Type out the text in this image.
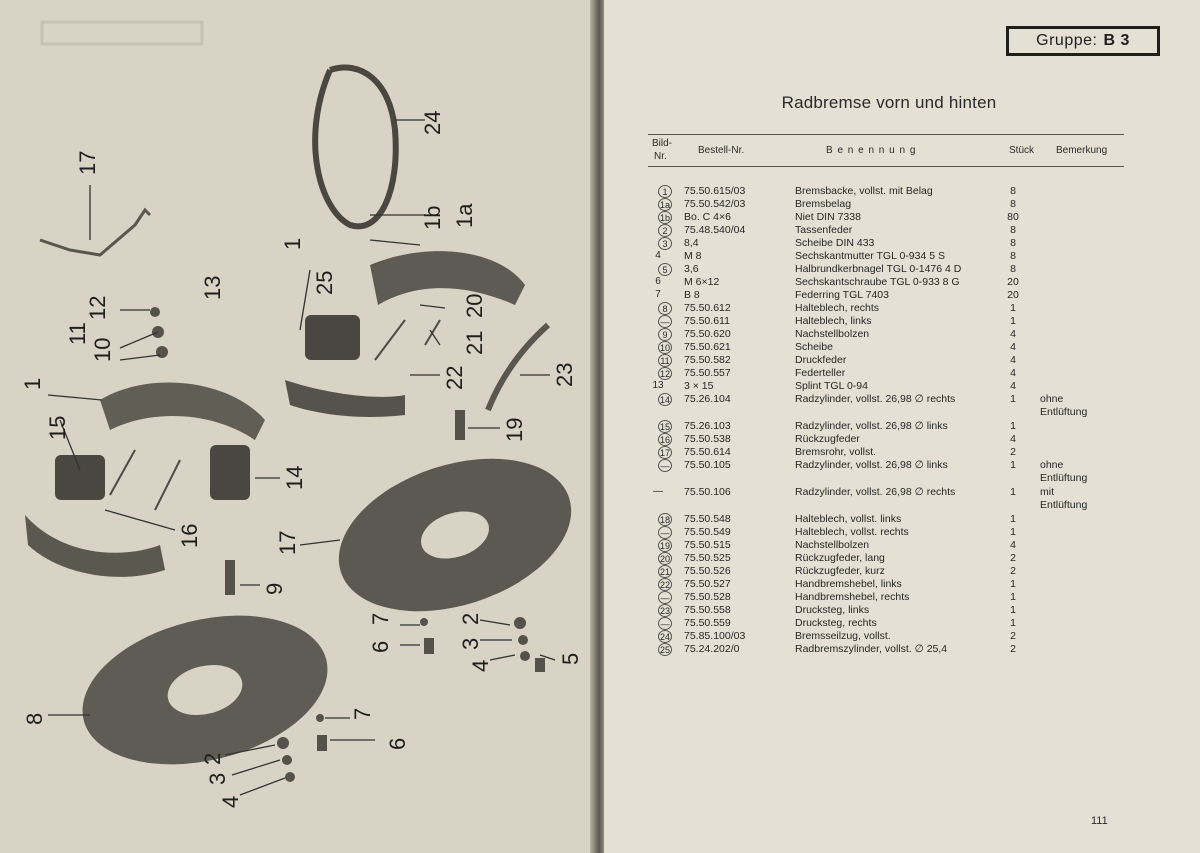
17
12
13
11
10
1
15
24
1b 1a
1
25
20
21
22	23
19
14
16	17
9
7
6
2
3
4
5
8	7
6
2
3
4
Gruppe: B 3
Radbremse vorn und hinten
Bild-
Nr.
Bestell-Nr.	B e n e n n u n g	Stück Bemerkung
1	75.50.615/03	Bremsbacke, vollst. mit Belag	8
1a 75.50.542/03	Bremsbelag	8
1b Bo. C 4×6	Niet DIN 7338	80
2	75.48.540/04	Tassenfeder	8
3	8,4	Scheibe DIN 433	8
4	M 8	Sechskantmutter TGL 0-934 5 S	8
5	3,6	Halbrundkerbnagel TGL 0-1476 4 D	8
6	M 6×12	Sechskantschraube TGL 0-933 8 G	20
7	B 8	Federring TGL 7403	20
8	75.50.612	Halteblech, rechts	1
— 75.50.611	Halteblech, links	1
9	75.50.620	Nachstellbolzen	4
10 75.50.621	Scheibe	4
11 75.50.582	Druckfeder	4
12 75.50.557	Federteller	4
13	3 × 15	Splint TGL 0-94	4
14 75.26.104	Radzylinder, vollst. 26,98 ∅ rechts	1	ohne
Entlüftung
15 75.26.103	Radzylinder, vollst. 26,98 ∅ links	1
16 75.50.538	Rückzugfeder	4
17 75.50.614	Bremsrohr, vollst.	2
— 75.50.105	Radzylinder, vollst. 26,98 ∅ links	1	ohne
Entlüftung
—	75.50.106	Radzylinder, vollst. 26,98 ∅ rechts	1	mit
Entlüftung
18 75.50.548	Halteblech, vollst. links	1
— 75.50.549	Halteblech, vollst. rechts	1
19 75.50.515	Nachstellbolzen	4
20 75.50.525	Rückzugfeder, lang	2
21 75.50.526	Rückzugfeder, kurz	2
22 75.50.527	Handbremshebel, links	1
— 75.50.528	Handbremshebel, rechts	1
23 75.50.558	Drucksteg, links	1
— 75.50.559	Drucksteg, rechts	1
24 75.85.100/03	Bremsseilzug, vollst.	2
25 75.24.202/0	Radbremszylinder, vollst. ∅ 25,4	2
111
